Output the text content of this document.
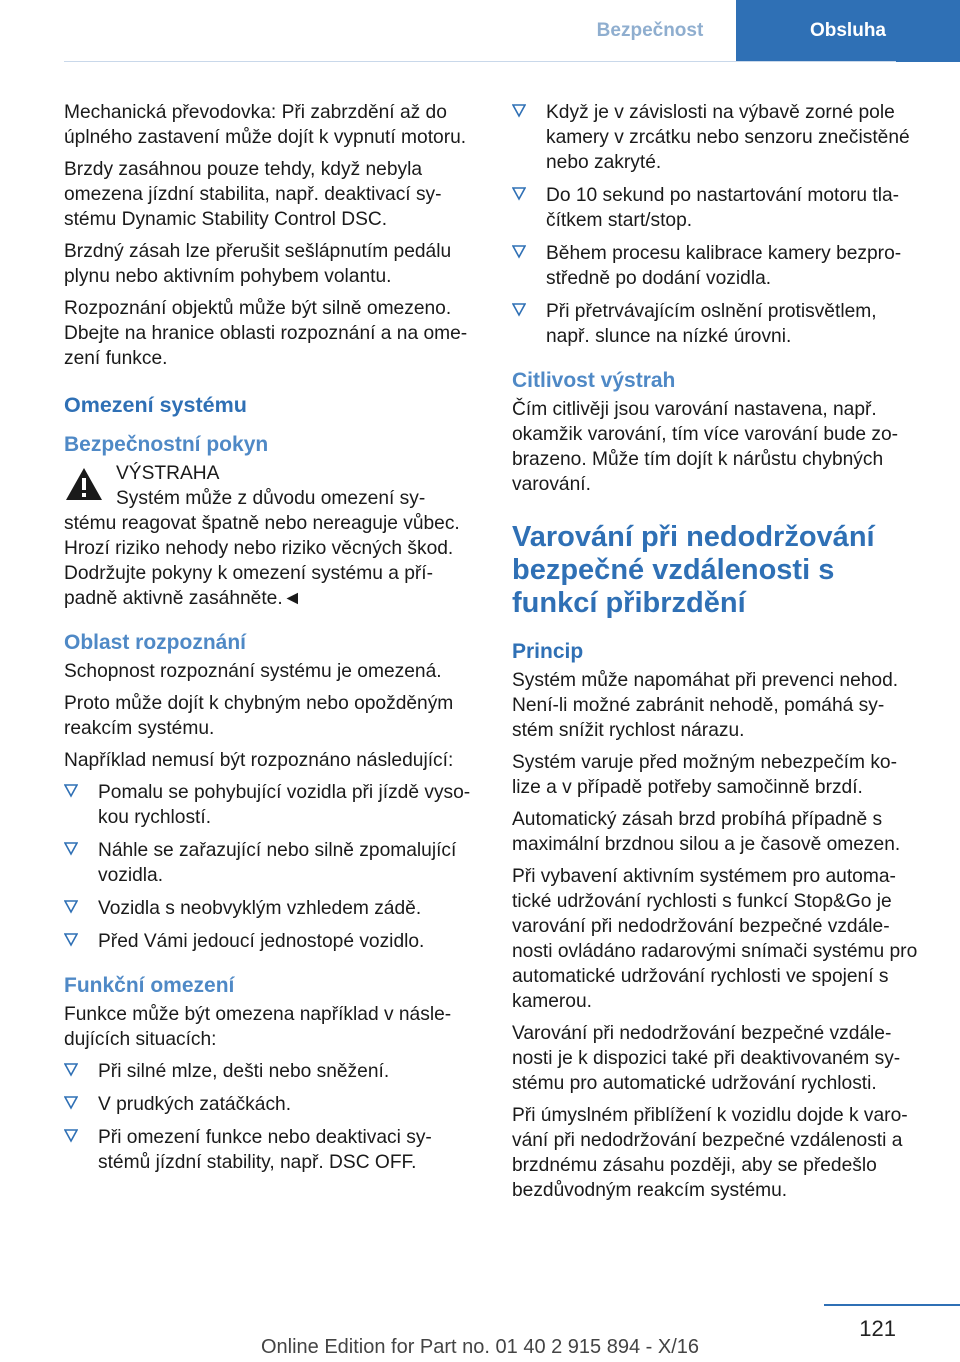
Bezpečnost	Obsluha

Mechanická převodovka: Při zabrzdění až do úplného zastavení může dojít k vypnutí motoru.

Brzdy zasáhnou pouze tehdy, když nebyla omezena jízdní stabilita, např. deaktivací sy-stému Dynamic Stability Control DSC.

Brzdný zásah lze přerušit sešlápnutím pedálu plynu nebo aktivním pohybem volantu.

Rozpoznání objektů může být silně omezeno. Dbejte na hranice oblasti rozpoznání a na ome-zení funkce.

Omezení systému
Bezpečnostní pokyn
VÝSTRAHA
Systém může z důvodu omezení sy-
stému reagovat špatně nebo nereaguje vůbec. Hrozí riziko nehody nebo riziko věcných škod. Dodržujte pokyny k omezení systému a pří-padně aktivně zasáhněte.◄
Oblast rozpoznání

Schopnost rozpoznání systému je omezená.

Proto může dojít k chybným nebo opožděným reakcím systému.

Například nemusí být rozpoznáno následující:

Pomalu se pohybující vozidla při jízdě vyso-kou rychlostí.
Náhle se zařazující nebo silně zpomalující vozidla.
Vozidla s neobvyklým vzhledem zádě.
Před Vámi jedoucí jednostopé vozidlo.
Funkční omezení

Funkce může být omezena například v násle-dujících situacích:

Při silné mlze, dešti nebo sněžení.
V prudkých zatáčkách.
Při omezení funkce nebo deaktivaci sy-stémů jízdní stability, např. DSC OFF.
Když je v závislosti na výbavě zorné pole kamery v zrcátku nebo senzoru znečistěné nebo zakryté.
Do 10 sekund po nastartování motoru tla-čítkem start/stop.
Během procesu kalibrace kamery bezpro-středně po dodání vozidla.
Při přetrvávajícím oslnění protisvětlem, např. slunce na nízké úrovni.
Citlivost výstrah

Čím citlivěji jsou varování nastavena, např. okamžik varování, tím více varování bude zo-brazeno. Může tím dojít k nárůstu chybných varování.

Varování při nedodržování bezpečné vzdálenosti s funkcí přibrzdění
Princip

Systém může napomáhat při prevenci nehod. Není-li možné zabránit nehodě, pomáhá sy-stém snížit rychlost nárazu.

Systém varuje před možným nebezpečím ko-lize a v případě potřeby samočinně brzdí.

Automatický zásah brzd probíhá případně s maximální brzdnou silou a je časově omezen.

Při vybavení aktivním systémem pro automa-tické udržování rychlosti s funkcí Stop&Go je varování při nedodržování bezpečné vzdále-nosti ovládáno radarovými snímači systému pro automatické udržování rychlosti ve spojení s kamerou.

Varování při nedodržování bezpečné vzdále-nosti je k dispozici také při deaktivovaném sy-stému pro automatické udržování rychlosti.

Při úmyslném přiblížení k vozidlu dojde k varo-vání při nedodržování bezpečné vzdálenosti a brzdnému zásahu později, aby se předešlo bezdůvodným reakcím systému.

121
Online Edition for Part no. 01 40 2 915 894 - X/16
